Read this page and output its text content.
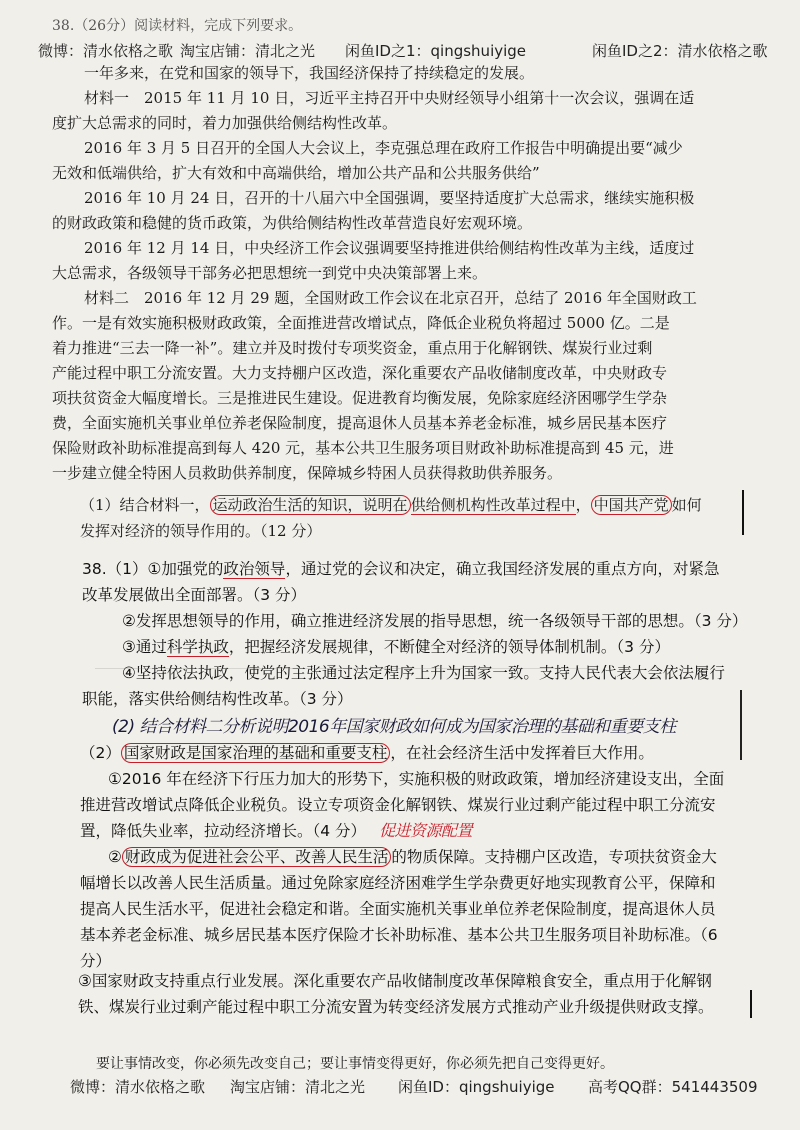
微博：清水依格之歌 淘宝店铺：清北之光 闲鱼ID之1：qingshuiyige	闲鱼ID之2：清水依格之歌
38.（26分）阅读材料，完成下列要求。
一年多来，在党和国家的领导下，我国经济保持了持续稳定的发展。
材料一　2015 年 11 月 10 日，习近平主持召开中央财经领导小组第十一次会议，强调在适
度扩大总需求的同时，着力加强供给侧结构性改革。
2016 年 3 月 5 日召开的全国人大会议上，李克强总理在政府工作报告中明确提出要“减少
无效和低端供给，扩大有效和中高端供给，增加公共产品和公共服务供给”
2016 年 10 月 24 日，召开的十八届六中全国强调，要坚持适度扩大总需求，继续实施积极
的财政政策和稳健的货币政策，为供给侧结构性改革营造良好宏观环境。
2016 年 12 月 14 日，中央经济工作会议强调要坚持推进供给侧结构性改革为主线，适度过
大总需求，各级领导干部务必把思想统一到党中央决策部署上来。
材料二　2016 年 12 月 29 题，全国财政工作会议在北京召开，总结了 2016 年全国财政工
作。一是有效实施积极财政政策，全面推进营改增试点，降低企业税负将超过 5000 亿。二是
着力推进“三去一降一补”。建立并及时拨付专项奖资金，重点用于化解钢铁、煤炭行业过剩
产能过程中职工分流安置。大力支持棚户区改造，深化重要农产品收储制度改革，中央财政专
项扶贫资金大幅度增长。三是推进民生建设。促进教育均衡发展，免除家庭经济困哪学生学杂
费，全面实施机关事业单位养老保险制度，提高退休人员基本养老金标准，城乡居民基本医疗
保险财政补助标准提高到每人 420 元，基本公共卫生服务项目财政补助标准提高到 45 元，进
一步建立健全特困人员救助供养制度，保障城乡特困人员获得救助供养服务。
（1）结合材料一， 运动政治生活的知识，说明在 供给侧机构性改革过程中， 中国共产党 如何
发挥对经济的领导作用的。（12 分）
38.（1）①加强党的政治领导，通过党的会议和决定，确立我国经济发展的重点方向，对紧急
改革发展做出全面部署。（3 分）
②发挥思想领导的作用，确立推进经济发展的指导思想，统一各级领导干部的思想。（3 分）
③通过科学执政，把握经济发展规律，不断健全对经济的领导体制机制。（3 分）
④坚持依法执政，使党的主张通过法定程序上升为国家一致。支持人民代表大会依法履行
职能，落实供给侧结构性改革。（3 分）
(2) 结合材料二分析说明2016年国家财政如何成为国家治理的基础和重要支柱
（2） 国家财政是国家治理的基础和重要支柱 ，在社会经济生活中发挥着巨大作用。
①2016 年在经济下行压力加大的形势下，实施积极的财政政策，增加经济建设支出，全面
推进营改增试点降低企业税负。设立专项资金化解钢铁、煤炭行业过剩产能过程中职工分流安
置，降低失业率，拉动经济增长。（4 分） 促进资源配置
② 财政成为促进社会公平、改善人民生活 的物质保障。支持棚户区改造，专项扶贫资金大
幅增长以改善人民生活质量。通过免除家庭经济困难学生学杂费更好地实现教育公平，保障和
提高人民生活水平，促进社会稳定和谐。全面实施机关事业单位养老保险制度，提高退休人员
基本养老金标准、城乡居民基本医疗保险才长补助标准、基本公共卫生服务项目补助标准。（6
分）
③国家财政支持重点行业发展。深化重要农产品收储制度改革保障粮食安全，重点用于化解钢
铁、煤炭行业过剩产能过程中职工分流安置为转变经济发展方式推动产业升级提供财政支撑。
要让事情改变，你必须先改变自己；要让事情变得更好，你必须先把自己变得更好。
微博：清水依格之歌 淘宝店铺：清北之光 闲鱼ID：qingshuiyige 高考QQ群：541443509
